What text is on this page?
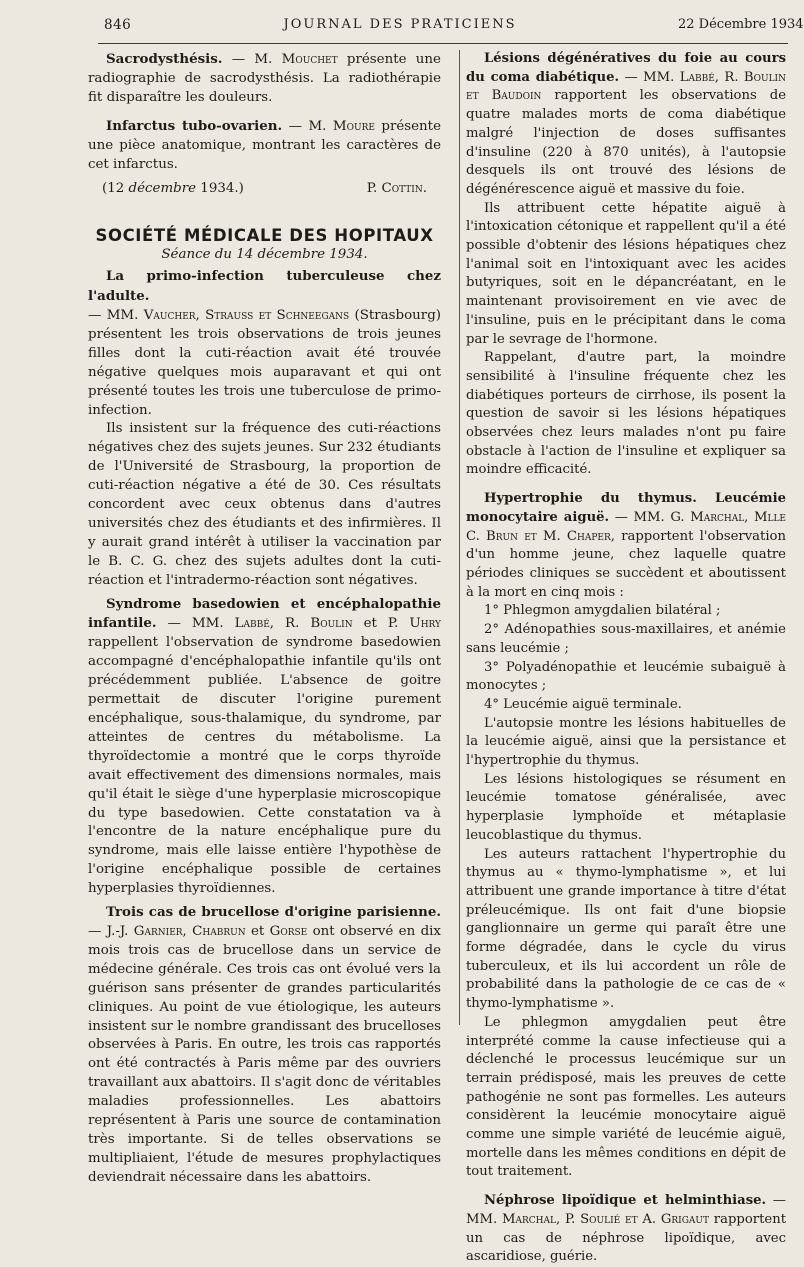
846	JOURNAL DES PRATICIENS	22 Décembre 1934

Sacrodysthésis. — M. Mouchet présente une radiographie de sacrodysthésis. La radiothérapie fit disparaître les douleurs.

Infarctus tubo-ovarien. — M. Moure présente une pièce anatomique, montrant les caractères de cet infarctus.

(12 décembre 1934.)	P. Cottin.
SOCIÉTÉ MÉDICALE DES HOPITAUX
Séance du 14 décembre 1934.

La primo-infection tuberculeuse chez l'adulte.

— MM. Vaucher, Strauss et Schneegans (Strasbourg) présentent les trois observations de trois jeunes filles dont la cuti-réaction avait été trouvée négative quelques mois auparavant et qui ont présenté toutes les trois une tuberculose de primo-infection.

Ils insistent sur la fréquence des cuti-réactions négatives chez des sujets jeunes. Sur 232 étudiants de l'Université de Strasbourg, la proportion de cuti-réaction négative a été de 30. Ces résultats concordent avec ceux obtenus dans d'autres universités chez des étudiants et des infirmières. Il y aurait grand intérêt à utiliser la vaccination par le B. C. G. chez des sujets adultes dont la cuti-réaction et l'intradermo-réaction sont négatives.

Syndrome basedowien et encéphalopathie infantile. — MM. Labbé, R. Boulin et P. Uhry rappellent l'observation de syndrome basedowien accompagné d'encéphalopathie infantile qu'ils ont précédemment publiée. L'absence de goitre permettait de discuter l'origine purement encéphalique, sous-thalamique, du syndrome, par atteintes de centres du métabolisme. La thyroïdectomie a montré que le corps thyroïde avait effectivement des dimensions normales, mais qu'il était le siège d'une hyperplasie microscopique du type basedowien. Cette constatation va à l'encontre de la nature encéphalique pure du syndrome, mais elle laisse entière l'hypothèse de l'origine encéphalique possible de certaines hyperplasies thyroïdiennes.

Trois cas de brucellose d'origine parisienne. — J.-J. Garnier, Chabrun et Gorse ont observé en dix mois trois cas de brucellose dans un service de médecine générale. Ces trois cas ont évolué vers la guérison sans présenter de grandes particularités cliniques. Au point de vue étiologique, les auteurs insistent sur le nombre grandissant des brucelloses observées à Paris. En outre, les trois cas rapportés ont été contractés à Paris même par des ouvriers travaillant aux abattoirs. Il s'agit donc de véritables maladies professionnelles. Les abattoirs représentent à Paris une source de contamination très importante. Si de telles observations se multipliaient, l'étude de mesures prophylactiques deviendrait nécessaire dans les abattoirs.

Lésions dégénératives du foie au cours du coma diabétique. — MM. Labbé, R. Boulin et Baudoin rapportent les observations de quatre malades morts de coma diabétique malgré l'injection de doses suffisantes d'insuline (220 à 870 unités), à l'autopsie desquels ils ont trouvé des lésions de dégénérescence aiguë et massive du foie.

Ils attribuent cette hépatite aiguë à l'intoxication cétonique et rappellent qu'il a été possible d'obtenir des lésions hépatiques chez l'animal soit en l'intoxiquant avec les acides butyriques, soit en le dépancréatant, en le maintenant provisoirement en vie avec de l'insuline, puis en le précipitant dans le coma par le sevrage de l'hormone.

Rappelant, d'autre part, la moindre sensibilité à l'insuline fréquente chez les diabétiques porteurs de cirrhose, ils posent la question de savoir si les lésions hépatiques observées chez leurs malades n'ont pu faire obstacle à l'action de l'insuline et expliquer sa moindre efficacité.

Hypertrophie du thymus. Leucémie monocytaire aiguë. — MM. G. Marchal, Mlle C. Brun et M. Chaper, rapportent l'observation d'un homme jeune, chez laquelle quatre périodes cliniques se succèdent et aboutissent à la mort en cinq mois :

1° Phlegmon amygdalien bilatéral ;

2° Adénopathies sous-maxillaires, et anémie sans leucémie ;

3° Polyadénopathie et leucémie subaiguë à monocytes ;

4° Leucémie aiguë terminale.

L'autopsie montre les lésions habituelles de la leucémie aiguë, ainsi que la persistance et l'hypertrophie du thymus.

Les lésions histologiques se résument en leucémie tomatose généralisée, avec hyperplasie lymphoïde et métaplasie leucoblastique du thymus.

Les auteurs rattachent l'hypertrophie du thymus au « thymo-lymphatisme », et lui attribuent une grande importance à titre d'état préleucémique. Ils ont fait d'une biopsie ganglionnaire un germe qui paraît être une forme dégradée, dans le cycle du virus tuberculeux, et ils lui accordent un rôle de probabilité dans la pathologie de ce cas de « thymo-lymphatisme ».

Le phlegmon amygdalien peut être interprété comme la cause infectieuse qui a déclenché le processus leucémique sur un terrain prédisposé, mais les preuves de cette pathogénie ne sont pas formelles. Les auteurs considèrent la leucémie monocytaire aiguë comme une simple variété de leucémie aiguë, mortelle dans les mêmes conditions en dépit de tout traitement.

Néphrose lipoïdique et helminthiase. — MM. Marchal, P. Soulié et A. Grigaut rapportent un cas de néphrose lipoïdique, avec ascaridiose, guérie.
